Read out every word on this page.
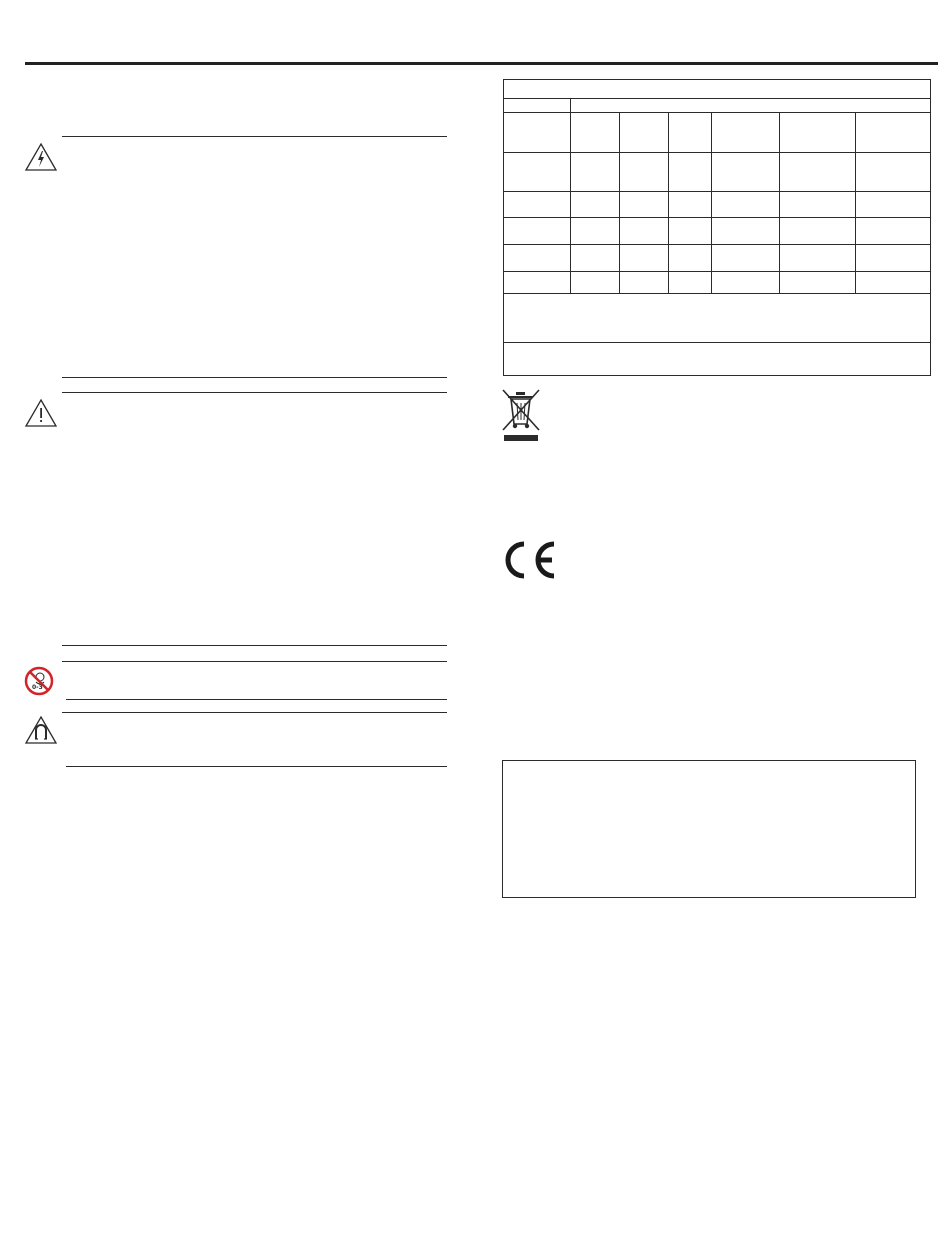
0-3
